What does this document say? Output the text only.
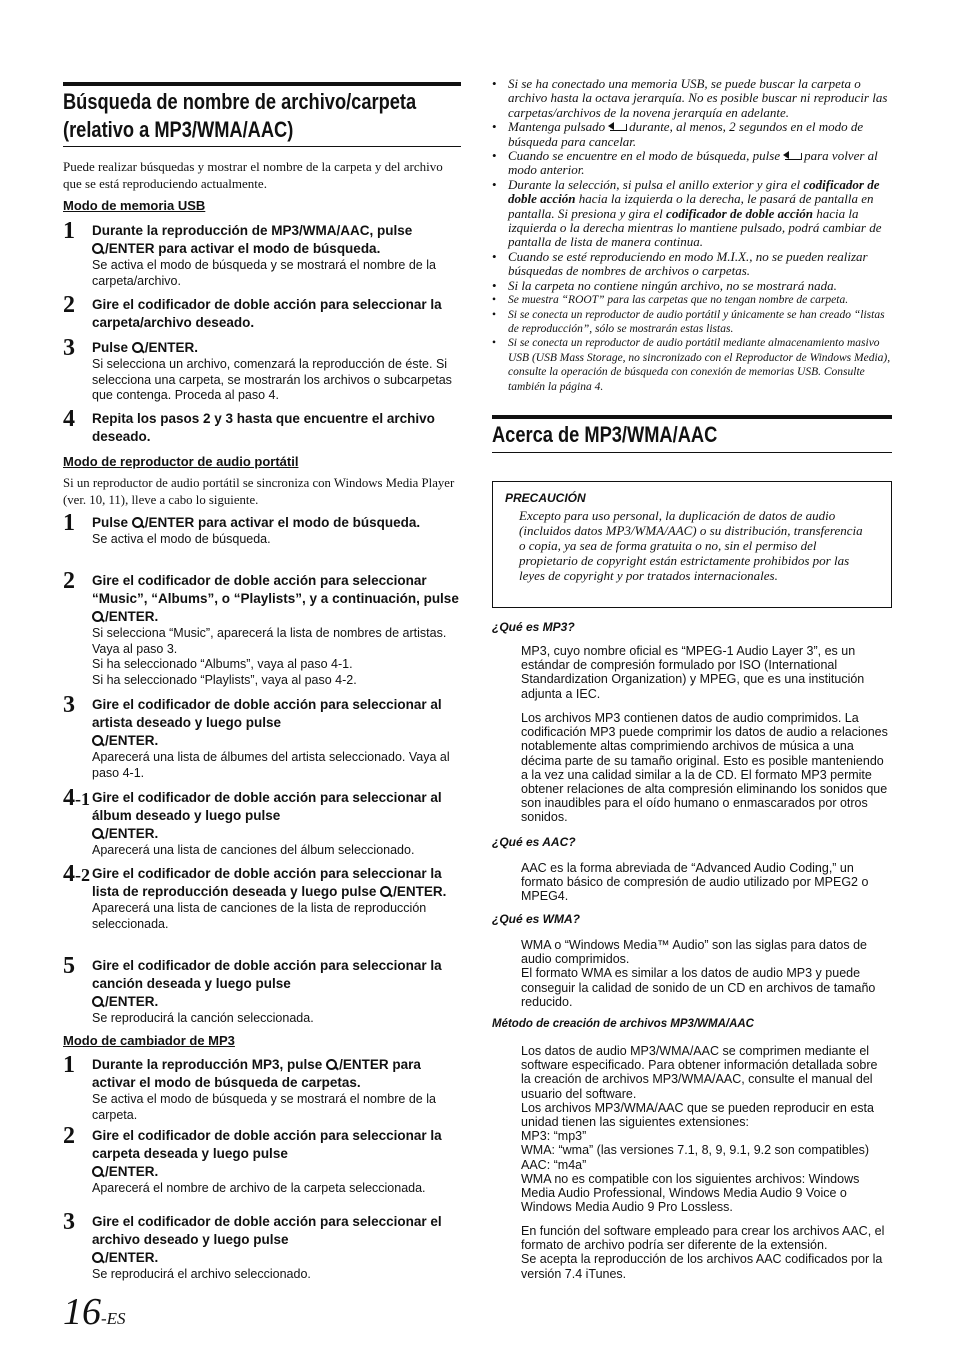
Búsqueda de nombre de archivo/carpeta
(relativo a MP3/WMA/AAC)
Puede realizar búsquedas y mostrar el nombre de la carpeta y del archivo que se está reproduciendo actualmente.
Modo de memoria USB
1 Durante la reproducción de MP3/WMA/AAC, pulse
/ENTER para activar el modo de búsqueda.
Se activa el modo de búsqueda y se mostrará el nombre de la carpeta/archivo.
2 Gire el codificador de doble acción para seleccionar la carpeta/archivo deseado.
3 Pulse /ENTER.
Si selecciona un archivo, comenzará la reproducción de éste. Si selecciona una carpeta, se mostrarán los archivos o subcarpetas que contenga. Proceda al paso 4.
4 Repita los pasos 2 y 3 hasta que encuentre el archivo deseado.
Modo de reproductor de audio portátil
Si un reproductor de audio portátil se sincroniza con Windows Media Player (ver. 10, 11), lleve a cabo lo siguiente.
1 Pulse /ENTER para activar el modo de búsqueda.
Se activa el modo de búsqueda.
2 Gire el codificador de doble acción para seleccionar “Music”, “Albums”, o “Playlists”, y a continuación, pulse /ENTER.
Si selecciona “Music”, aparecerá la lista de nombres de artistas. Vaya al paso 3.
Si ha seleccionado “Albums”, vaya al paso 4-1.
Si ha seleccionado “Playlists”, vaya al paso 4-2.
3 Gire el codificador de doble acción para seleccionar al artista deseado y luego pulse
/ENTER.
Aparecerá una lista de álbumes del artista seleccionado. Vaya al paso 4-1.
4-1 Gire el codificador de doble acción para seleccionar al álbum deseado y luego pulse
/ENTER.
Aparecerá una lista de canciones del álbum seleccionado.
4-2 Gire el codificador de doble acción para seleccionar la lista de reproducción deseada y luego pulse /ENTER.
Aparecerá una lista de canciones de la lista de reproducción seleccionada.
5 Gire el codificador de doble acción para seleccionar la canción deseada y luego pulse
/ENTER.
Se reproducirá la canción seleccionada.
Modo de cambiador de MP3
1 Durante la reproducción MP3, pulse /ENTER para activar el modo de búsqueda de carpetas.
Se activa el modo de búsqueda y se mostrará el nombre de la carpeta.
2 Gire el codificador de doble acción para seleccionar la carpeta deseada y luego pulse
/ENTER.
Aparecerá el nombre de archivo de la carpeta seleccionada.
3 Gire el codificador de doble acción para seleccionar el archivo deseado y luego pulse
/ENTER.
Se reproducirá el archivo seleccionado.
• Si se ha conectado una memoria USB, se puede buscar la carpeta o archivo hasta la octava jerarquía. No es posible buscar ni reproducir las carpetas/archivos de la novena jerarquía en adelante.
• Mantenga pulsado durante, al menos, 2 segundos en el modo de búsqueda para cancelar.
• Cuando se encuentre en el modo de búsqueda, pulse para volver al modo anterior.
• Durante la selección, si pulsa el anillo exterior y gira el codificador de doble acción hacia la izquierda o la derecha, le pasará de pantalla en pantalla. Si presiona y gira el codificador de doble acción hacia la izquierda o la derecha mientras lo mantiene pulsado, podrá cambiar de pantalla de lista de manera continua.
• Cuando se esté reproduciendo en modo M.I.X., no se pueden realizar búsquedas de nombres de archivos o carpetas.
• Si la carpeta no contiene ningún archivo, no se mostrará nada.
• Se muestra “ROOT” para las carpetas que no tengan nombre de carpeta.
• Si se conecta un reproductor de audio portátil y únicamente se han creado “listas de reproducción”, sólo se mostrarán estas listas.
• Si se conecta un reproductor de audio portátil mediante almacenamiento masivo USB (USB Mass Storage, no sincronizado con el Reproductor de Windows Media), consulte la operación de búsqueda con conexión de memorias USB. Consulte también la página 4.
Acerca de MP3/WMA/AAC
PRECAUCIÓN
Excepto para uso personal, la duplicación de datos de audio (incluidos datos MP3/WMA/AAC) o su distribución, transferencia o copia, ya sea de forma gratuita o no, sin el permiso del propietario de copyright están estrictamente prohibidos por las leyes de copyright y por tratados internacionales.
¿Qué es MP3?
MP3, cuyo nombre oficial es “MPEG-1 Audio Layer 3”, es un estándar de compresión formulado por ISO (International Standardization Organization) y MPEG, que es una institución adjunta a IEC.
Los archivos MP3 contienen datos de audio comprimidos. La codificación MP3 puede comprimir los datos de audio a relaciones notablemente altas comprimiendo archivos de música a una décima parte de su tamaño original. Esto es posible manteniendo a la vez una calidad similar a la de CD. El formato MP3 permite obtener relaciones de alta compresión eliminando los sonidos que son inaudibles para el oído humano o enmascarados por otros sonidos.
¿Qué es AAC?
AAC es la forma abreviada de “Advanced Audio Coding,” un formato básico de compresión de audio utilizado por MPEG2 o MPEG4.
¿Qué es WMA?
WMA o “Windows Media™ Audio” son las siglas para datos de audio comprimidos.
El formato WMA es similar a los datos de audio MP3 y puede conseguir la calidad de sonido de un CD en archivos de tamaño reducido.
Método de creación de archivos MP3/WMA/AAC
Los datos de audio MP3/WMA/AAC se comprimen mediante el software especificado. Para obtener información detallada sobre la creación de archivos MP3/WMA/AAC, consulte el manual del usuario del software.
Los archivos MP3/WMA/AAC que se pueden reproducir en esta unidad tienen las siguientes extensiones:
MP3: “mp3”
WMA: “wma” (las versiones 7.1, 8, 9, 9.1, 9.2 son compatibles)
AAC: “m4a”
WMA no es compatible con los siguientes archivos: Windows Media Audio Professional, Windows Media Audio 9 Voice o Windows Media Audio 9 Pro Lossless.
En función del software empleado para crear los archivos AAC, el formato de archivo podría ser diferente de la extensión.
Se acepta la reproducción de los archivos AAC codificados por la versión 7.4 iTunes.
16-ES
